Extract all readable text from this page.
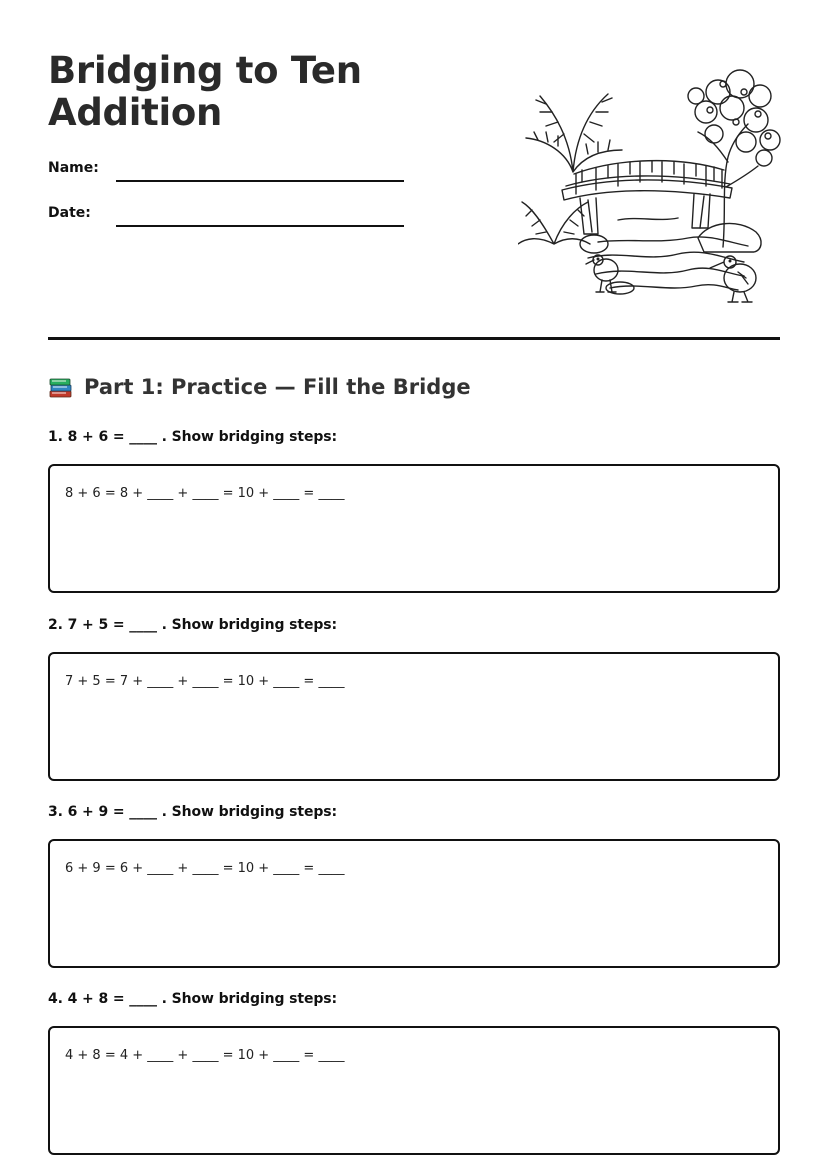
Bridging to Ten
Addition
Name:
Date:
Part 1: Practice — Fill the Bridge
1. 8 + 6 = ____ . Show bridging steps:
8 + 6 = 8 + ____ + ____ = 10 + ____ = ____
2. 7 + 5 = ____ . Show bridging steps:
7 + 5 = 7 + ____ + ____ = 10 + ____ = ____
3. 6 + 9 = ____ . Show bridging steps:
6 + 9 = 6 + ____ + ____ = 10 + ____ = ____
4. 4 + 8 = ____ . Show bridging steps:
4 + 8 = 4 + ____ + ____ = 10 + ____ = ____
